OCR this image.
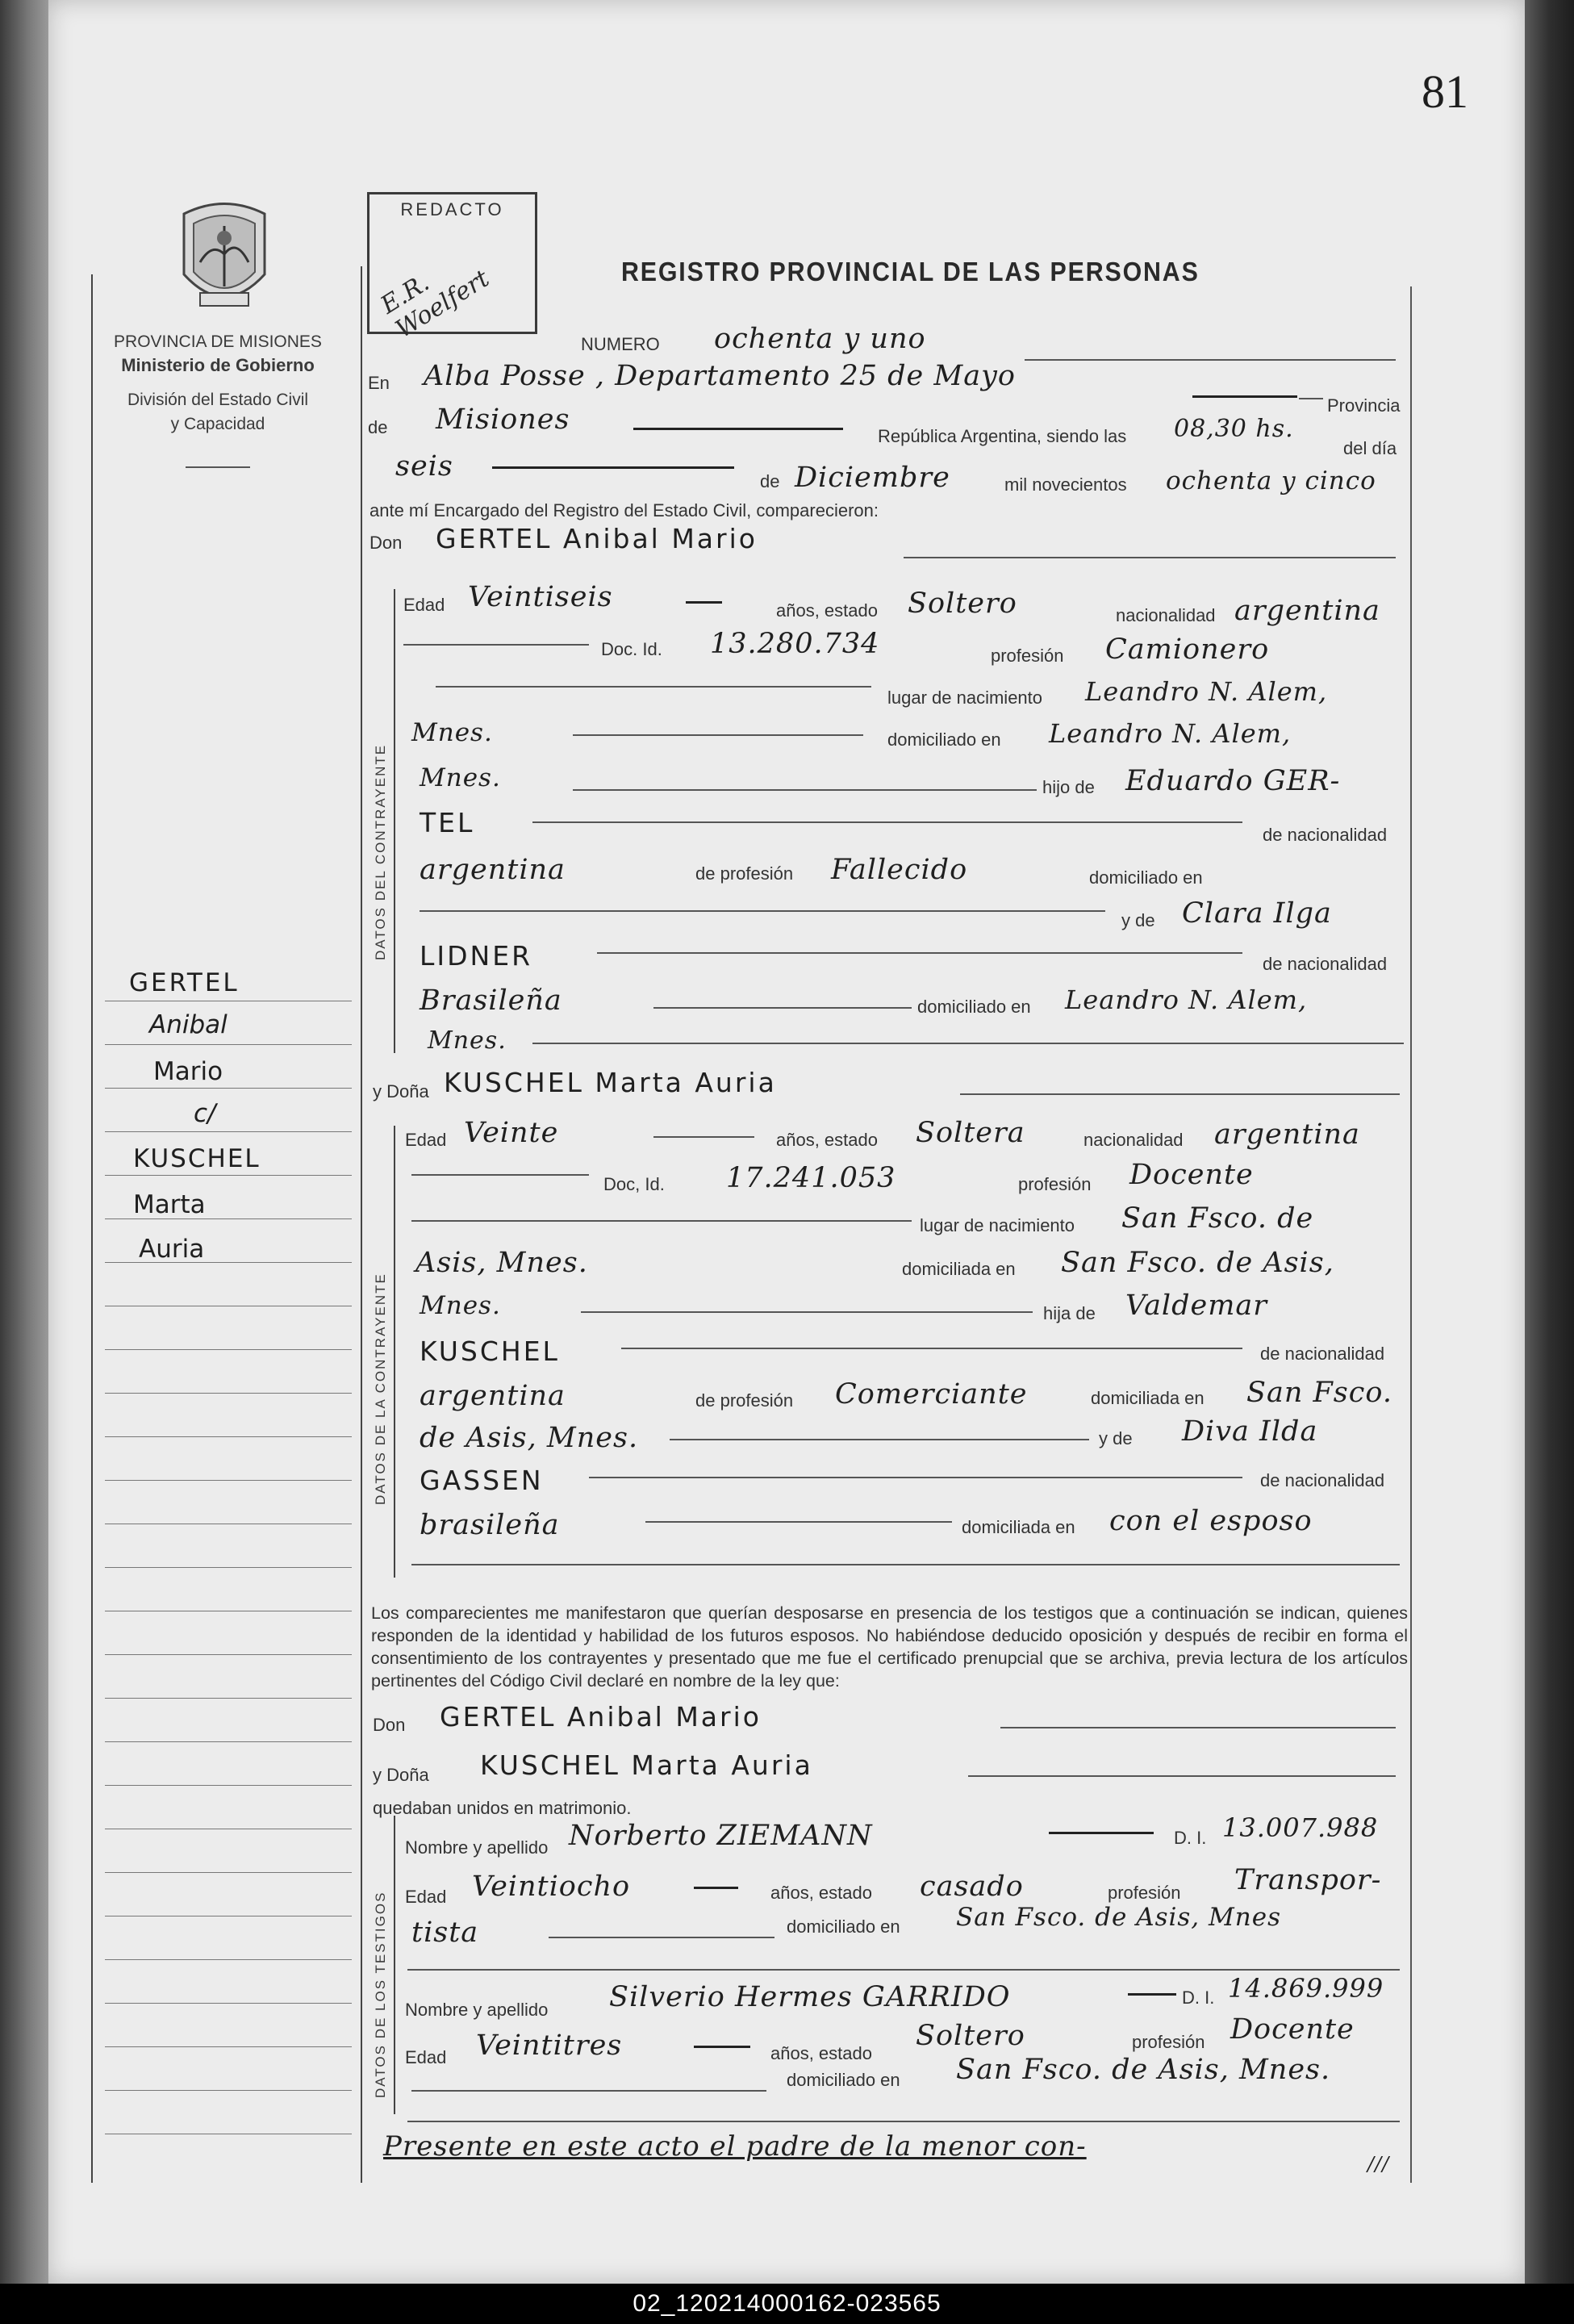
81
PROVINCIA DE MISIONES
Ministerio de Gobierno
División del Estado Civil
y Capacidad
REDACTO
E.R. Woelfert	REGISTRO PROVINCIAL DE LAS PERSONAS
NUMERO ochenta y uno
En Alba Posse , Departamento 25 de Mayo
Provincia
de Misiones
República Argentina, siendo las 08,30 hs.
del día
seis	de Diciembre	mil novecientos ochenta y cinco
ante mí Encargado del Registro del Estado Civil, comparecieron:
Don GERTEL Anibal Mario
DATOS DEL CONTRAYENTE
Edad Veintiseis	años, estado Soltero	nacionalidad argentina
Doc. Id. 13.280.734	profesión Camionero
lugar de nacimiento Leandro N. Alem,
Mnes.	domiciliado en Leandro N. Alem,
Mnes.	hijo de Eduardo GER-
TEL	de nacionalidad
argentina	de profesión Fallecido	domiciliado en
y de Clara Ilga
LIDNER	de nacionalidad
Brasileña	domiciliado en Leandro N. Alem,
Mnes.
y Doña KUSCHEL Marta Auria
DATOS DE LA CONTRAYENTE
Edad Veinte	años, estado Soltera	nacionalidad argentina
Doc, Id. 17.241.053	profesión Docente
lugar de nacimiento San Fsco. de
Asis, Mnes.	domiciliada en San Fsco. de Asis,
Mnes.	hija de Valdemar
KUSCHEL	de nacionalidad
argentina	de profesión Comerciante	domiciliada en San Fsco.
de Asis, Mnes.	y de Diva Ilda
GASSEN	de nacionalidad
brasileña	domiciliada en con el esposo
Los comparecientes me manifestaron que querían desposarse en presencia de los testigos que a continuación se indican, quienes responden de la identidad y habilidad de los futuros esposos. No habiéndose deducido oposición y después de recibir en forma el consentimiento de los contrayentes y presentado que me fue el certificado prenupcial que se archiva, previa lectura de los artículos pertinentes del Código Civil declaré en nombre de la ley que:
Don GERTEL Anibal Mario
y Doña KUSCHEL Marta Auria
quedaban unidos en matrimonio.
DATOS DE LOS TESTIGOS
Nombre y apellido Norberto ZIEMANN	D. I. 13.007.988
Edad Veintiocho	años, estado casado	profesión Transpor-
tista	domiciliado en San Fsco. de Asis, Mnes
Nombre y apellido Silverio Hermes GARRIDO	D. I. 14.869.999
Edad Veintitres	años, estado
Soltero	profesión Docente
domiciliado en San Fsco. de Asis, Mnes.
Presente en este acto el padre de la menor con-
///
GERTEL
Anibal
Mario
c/
KUSCHEL
Marta
Auria
02_120214000162-023565
